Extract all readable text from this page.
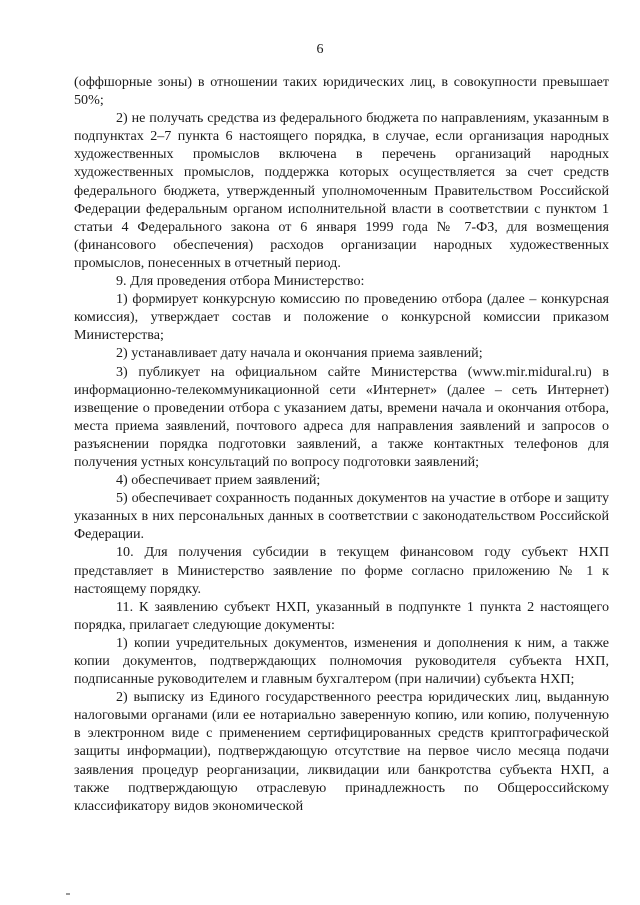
6

(оффшорные зоны) в отношении таких юридических лиц, в совокупности превышает 50%;

2) не получать средства из федерального бюджета по направлениям, указанным в подпунктах 2–7 пункта 6 настоящего порядка, в случае, если организация народных художественных промыслов включена в перечень организаций народных художественных промыслов, поддержка которых осуществляется за счет средств федерального бюджета, утвержденный уполномоченным Правительством Российской Федерации федеральным органом исполнительной власти в соответствии с пунктом 1 статьи 4 Федерального закона от 6 января 1999 года № 7-ФЗ, для возмещения (финансового обеспечения) расходов организации народных художественных промыслов, понесенных в отчетный период.

9. Для проведения отбора Министерство:

1) формирует конкурсную комиссию по проведению отбора (далее – конкурсная комиссия), утверждает состав и положение о конкурсной комиссии приказом Министерства;

2) устанавливает дату начала и окончания приема заявлений;

3) публикует на официальном сайте Министерства (www.mir.midural.ru) в информационно-телекоммуникационной сети «Интернет» (далее – сеть Интернет) извещение о проведении отбора с указанием даты, времени начала и окончания отбора, места приема заявлений, почтового адреса для направления заявлений и запросов о разъяснении порядка подготовки заявлений, а также контактных телефонов для получения устных консультаций по вопросу подготовки заявлений;

4) обеспечивает прием заявлений;

5) обеспечивает сохранность поданных документов на участие в отборе и защиту указанных в них персональных данных в соответствии с законодательством Российской Федерации.

10. Для получения субсидии в текущем финансовом году субъект НХП представляет в Министерство заявление по форме согласно приложению № 1 к настоящему порядку.

11. К заявлению субъект НХП, указанный в подпункте 1 пункта 2 настоящего порядка, прилагает следующие документы:

1) копии учредительных документов, изменения и дополнения к ним, а также копии документов, подтверждающих полномочия руководителя субъекта НХП, подписанные руководителем и главным бухгалтером (при наличии) субъекта НХП;

2) выписку из Единого государственного реестра юридических лиц, выданную налоговыми органами (или ее нотариально заверенную копию, или копию, полученную в электронном виде с применением сертифицированных средств криптографической защиты информации), подтверждающую отсутствие на первое число месяца подачи заявления процедур реорганизации, ликвидации или банкротства субъекта НХП, а также подтверждающую отраслевую принадлежность по Общероссийскому классификатору видов экономической
